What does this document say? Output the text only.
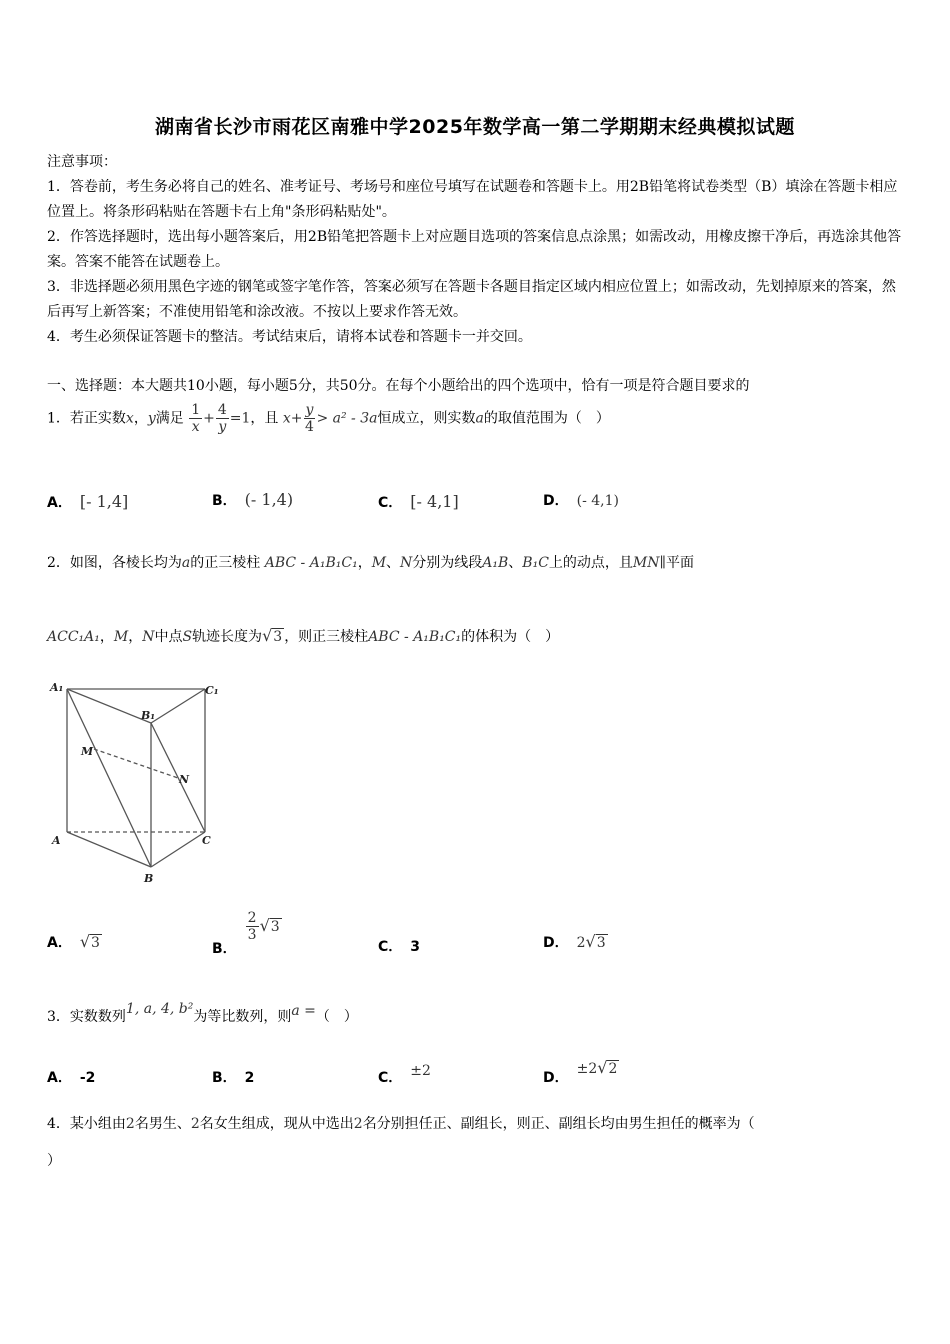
湖南省长沙市雨花区南雅中学2025年数学高一第二学期期末经典模拟试题

注意事项：

1．答卷前，考生务必将自己的姓名、准考证号、考场号和座位号填写在试题卷和答题卡上。用2B铅笔将试卷类型（B）填涂在答题卡相应位置上。将条形码粘贴在答题卡右上角"条形码粘贴处"。

2．作答选择题时，选出每小题答案后，用2B铅笔把答题卡上对应题目选项的答案信息点涂黑；如需改动，用橡皮擦干净后，再选涂其他答案。答案不能答在试题卷上。

3．非选择题必须用黑色字迹的钢笔或签字笔作答，答案必须写在答题卡各题目指定区域内相应位置上；如需改动，先划掉原来的答案，然后再写上新答案；不准使用铅笔和涂改液。不按以上要求作答无效。

4．考生必须保证答题卡的整洁。考试结束后，请将本试卷和答题卡一并交回。

一、选择题：本大题共10小题，每小题5分，共50分。在每个小题给出的四个选项中，恰有一项是符合题目要求的
1．若正实数x，y满足 $\frac{1}{x} + \frac{4}{y} =1$，且 $x+ \frac{y}{4} > a^2 - 3a$恒成立，则实数a的取值范围为（　）
A． [- 1,4]	B． (- 1,4)	C． [- 4,1]	D． (- 4,1)
2．如图，各棱长均为a的正三棱柱 ABC - A₁B₁C₁，M、N分别为线段A₁B、B₁C上的动点，且MN∥平面
ACC₁A₁，M，N中点S轨迹长度为√3 ，则正三棱柱ABC - A₁B₁C₁的体积为（　）
A₁	C₁
B₁
M
N
A	C
B
A． √3	B．
$\frac{2}{3} √3$
C． 3	D． 2√3
3．实数数列1, a, 4, b²为等比数列，则a =（　）
A． -2	B． 2	C． ±2	D．±2√2
4．某小组由2名男生、2名女生组成，现从中选出2名分别担任正、副组长，则正、副组长均由男生担任的概率为（
）
